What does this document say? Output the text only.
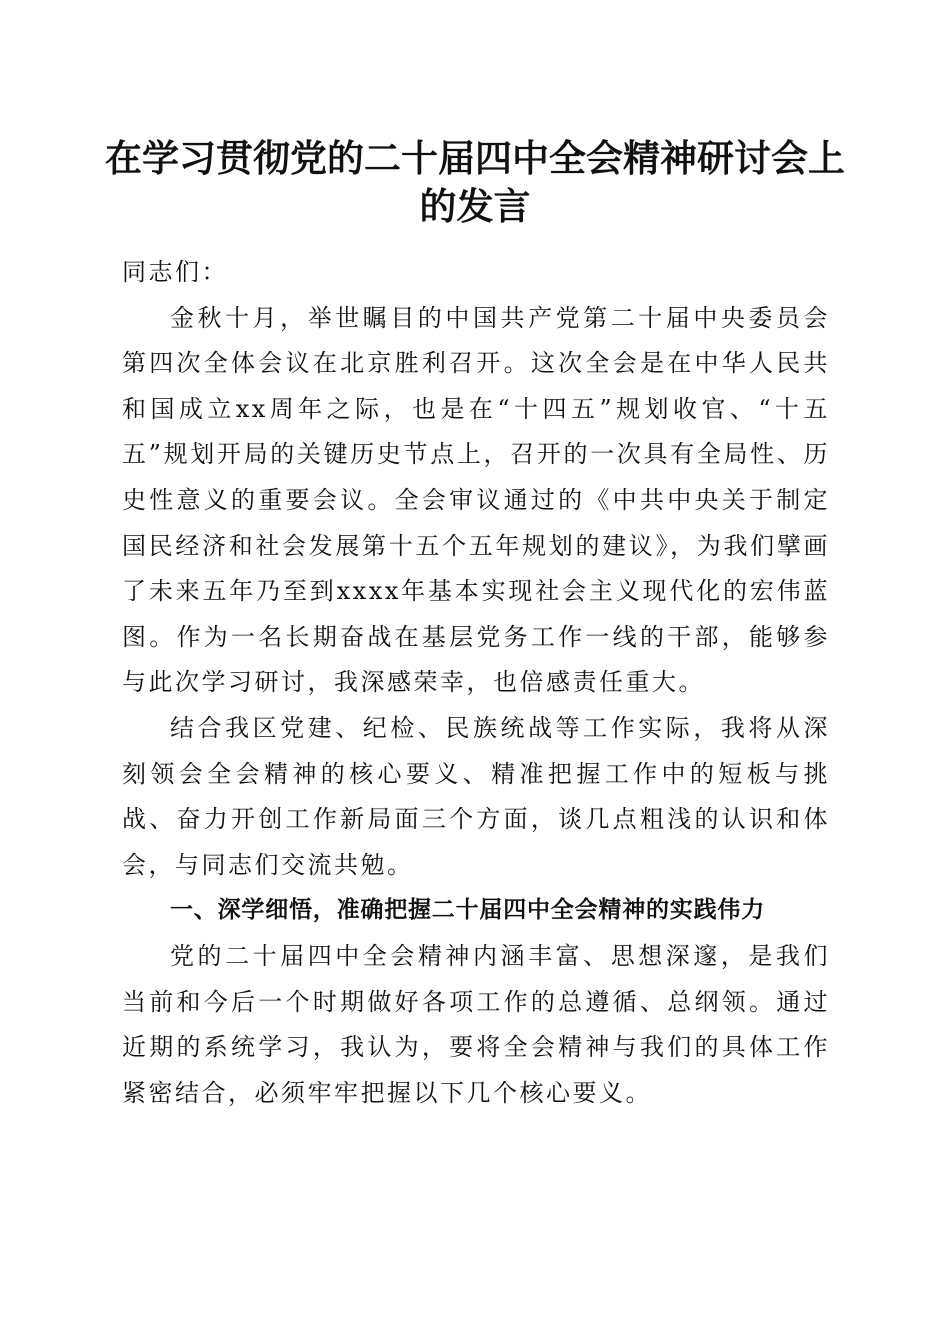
在学习贯彻党的二十届四中全会精神研讨会上
的发言

同志们：

金秋十月，举世瞩目的中国共产党第二十届中央委员会第四次全体会议在北京胜利召开。这次全会是在中华人民共和国成立xx周年之际，也是在“十四五”规划收官、“十五五”规划开局的关键历史节点上，召开的一次具有全局性、历史性意义的重要会议。全会审议通过的《中共中央关于制定国民经济和社会发展第十五个五年规划的建议》，为我们擘画了未来五年乃至到xxxx年基本实现社会主义现代化的宏伟蓝图。作为一名长期奋战在基层党务工作一线的干部，能够参与此次学习研讨，我深感荣幸，也倍感责任重大。

结合我区党建、纪检、民族统战等工作实际，我将从深刻领会全会精神的核心要义、精准把握工作中的短板与挑战、奋力开创工作新局面三个方面，谈几点粗浅的认识和体会，与同志们交流共勉。

一、深学细悟，准确把握二十届四中全会精神的实践伟力

党的二十届四中全会精神内涵丰富、思想深邃，是我们当前和今后一个时期做好各项工作的总遵循、总纲领。通过近期的系统学习，我认为，要将全会精神与我们的具体工作紧密结合，必须牢牢把握以下几个核心要义。
